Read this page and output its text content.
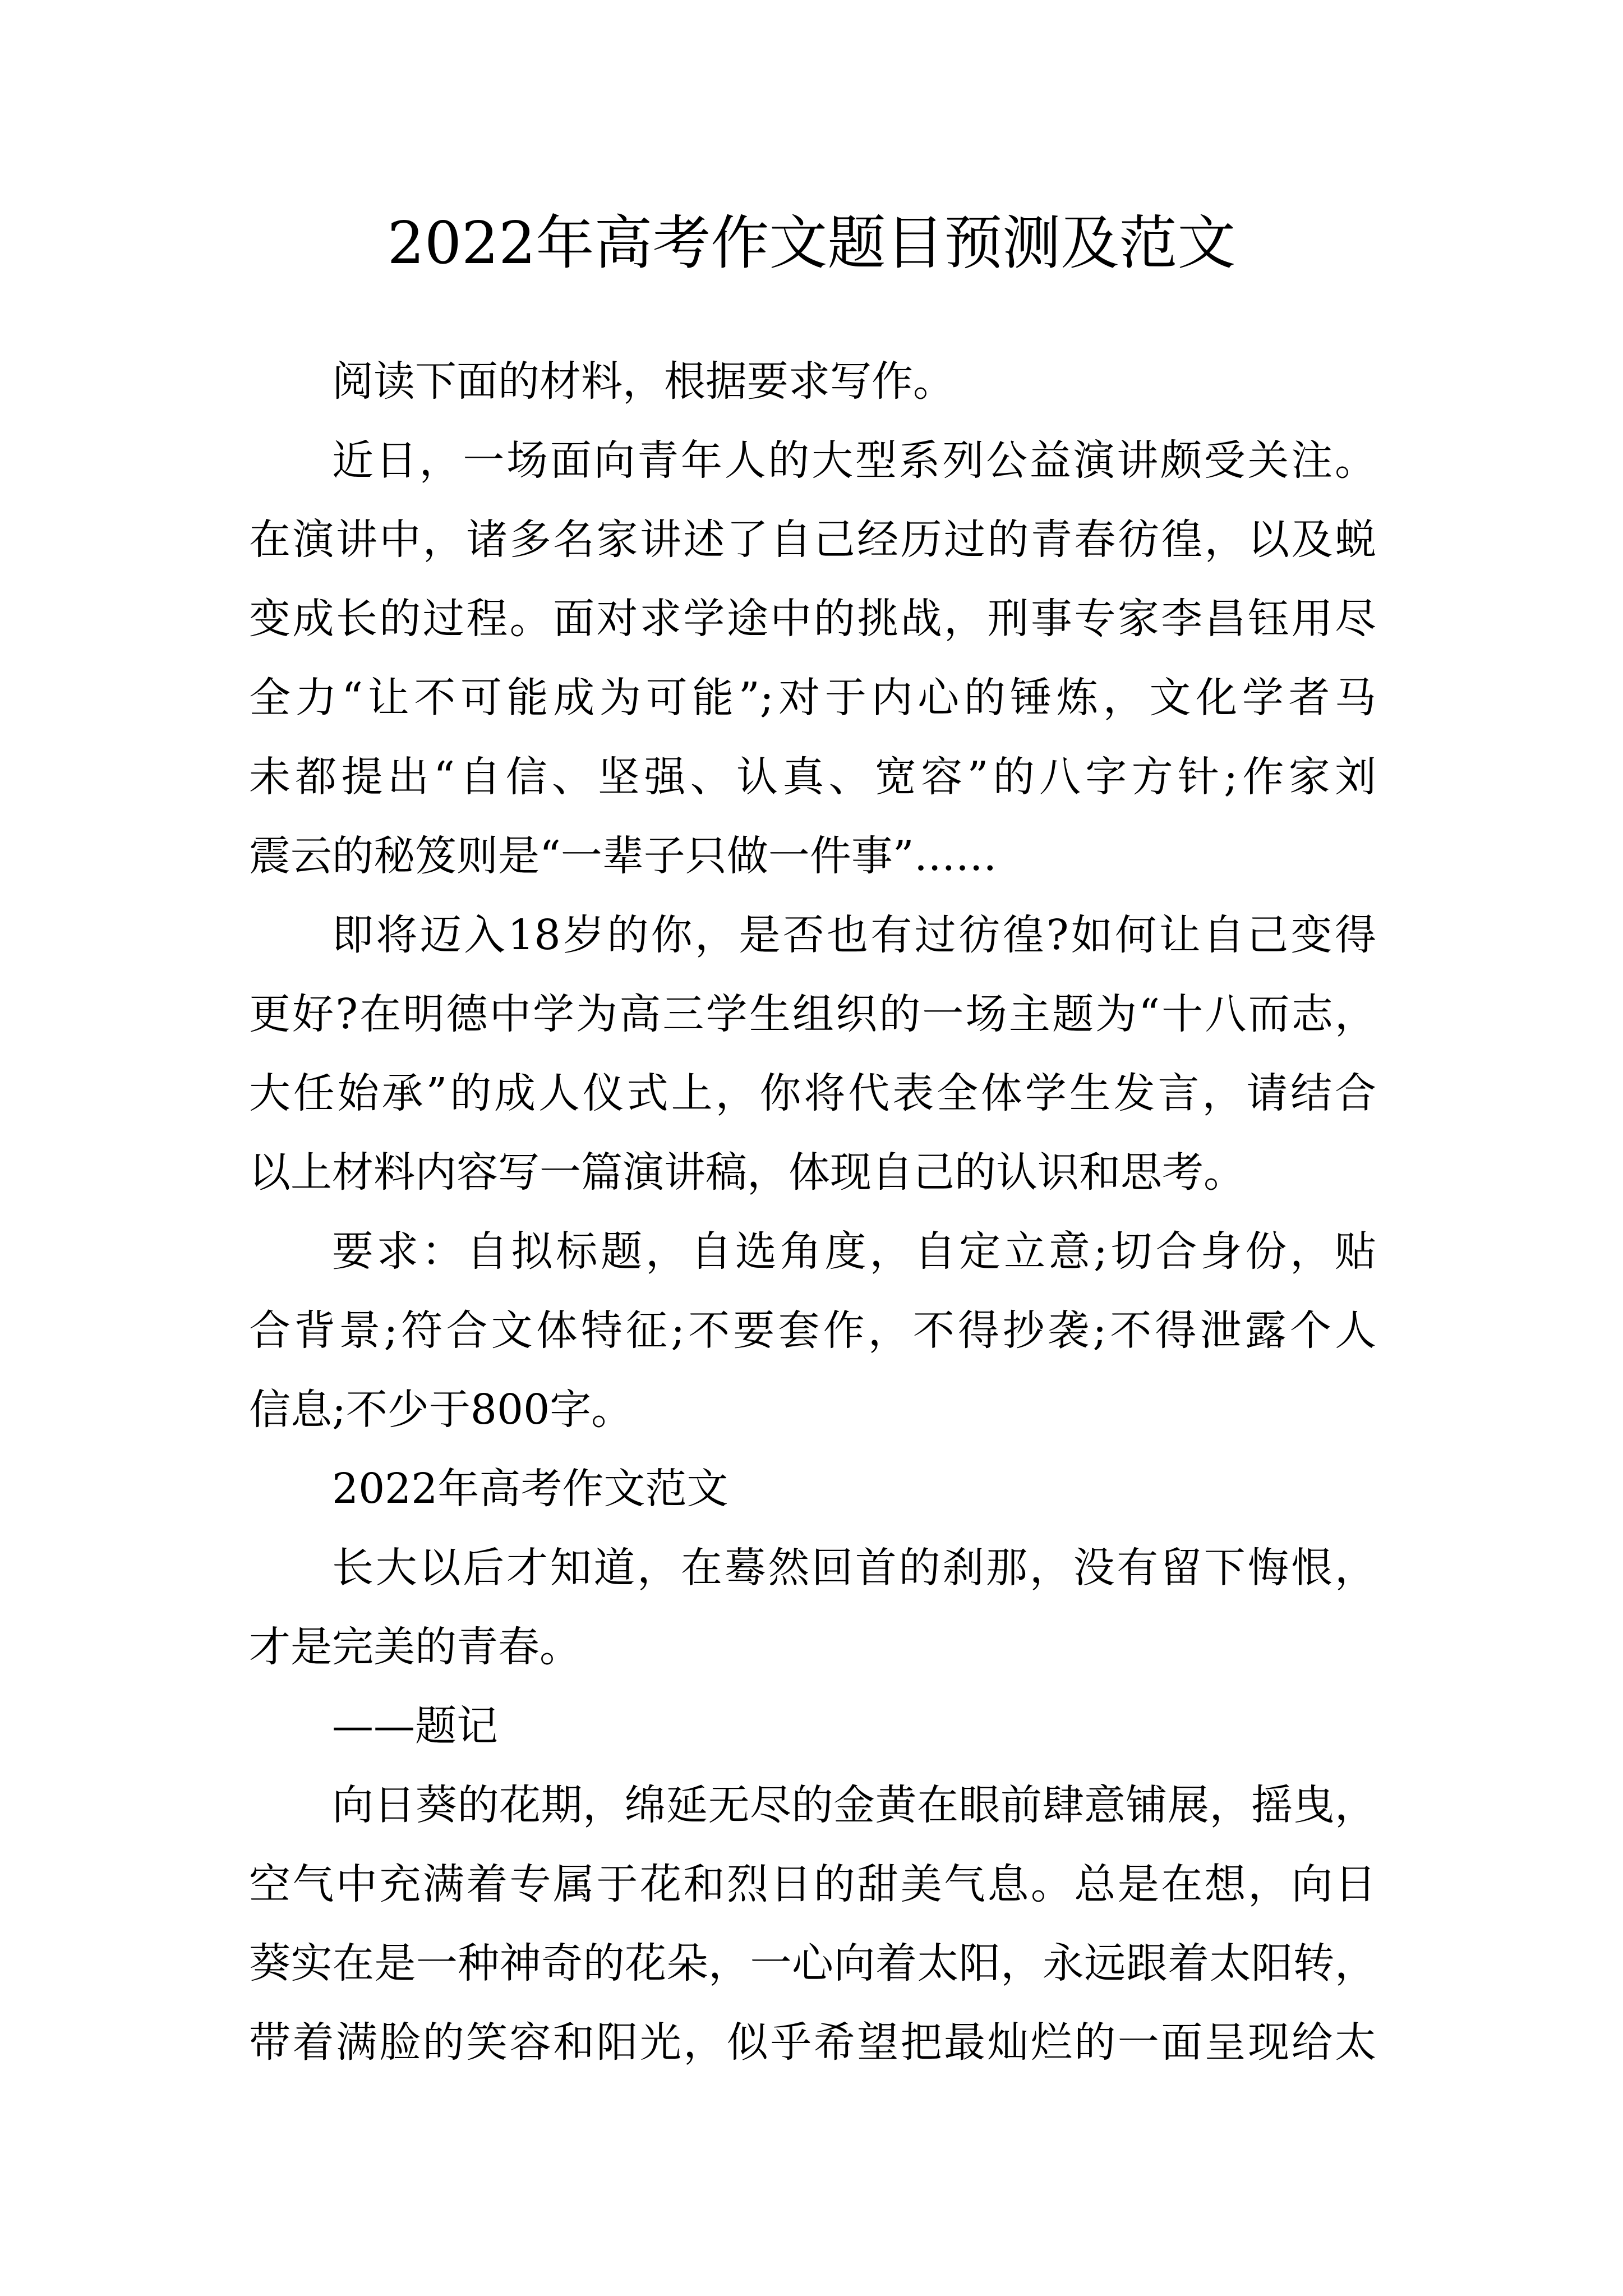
2022年高考作文题目预测及范文
阅读下面的材料，根据要求写作。
近日，一场面向青年人的大型系列公益演讲颇受关注。
在演讲中，诸多名家讲述了自己经历过的青春彷徨，以及蜕
变成长的过程。面对求学途中的挑战，刑事专家李昌钰用尽
全力“让不可能成为可能”;对于内心的锤炼，文化学者马
未都提出“自信、坚强、认真、宽容”的八字方针;作家刘
震云的秘笈则是“一辈子只做一件事”……
即将迈入18岁的你，是否也有过彷徨?如何让自己变得
更好?在明德中学为高三学生组织的一场主题为“十八而志，
大任始承”的成人仪式上，你将代表全体学生发言，请结合
以上材料内容写一篇演讲稿，体现自己的认识和思考。
要求：自拟标题，自选角度，自定立意;切合身份，贴
合背景;符合文体特征;不要套作，不得抄袭;不得泄露个人
信息;不少于800字。
2022年高考作文范文
长大以后才知道，在蓦然回首的刹那，没有留下悔恨，
才是完美的青春。
——题记
向日葵的花期，绵延无尽的金黄在眼前肆意铺展，摇曳，
空气中充满着专属于花和烈日的甜美气息。总是在想，向日
葵实在是一种神奇的花朵，一心向着太阳，永远跟着太阳转，
带着满脸的笑容和阳光，似乎希望把最灿烂的一面呈现给太
